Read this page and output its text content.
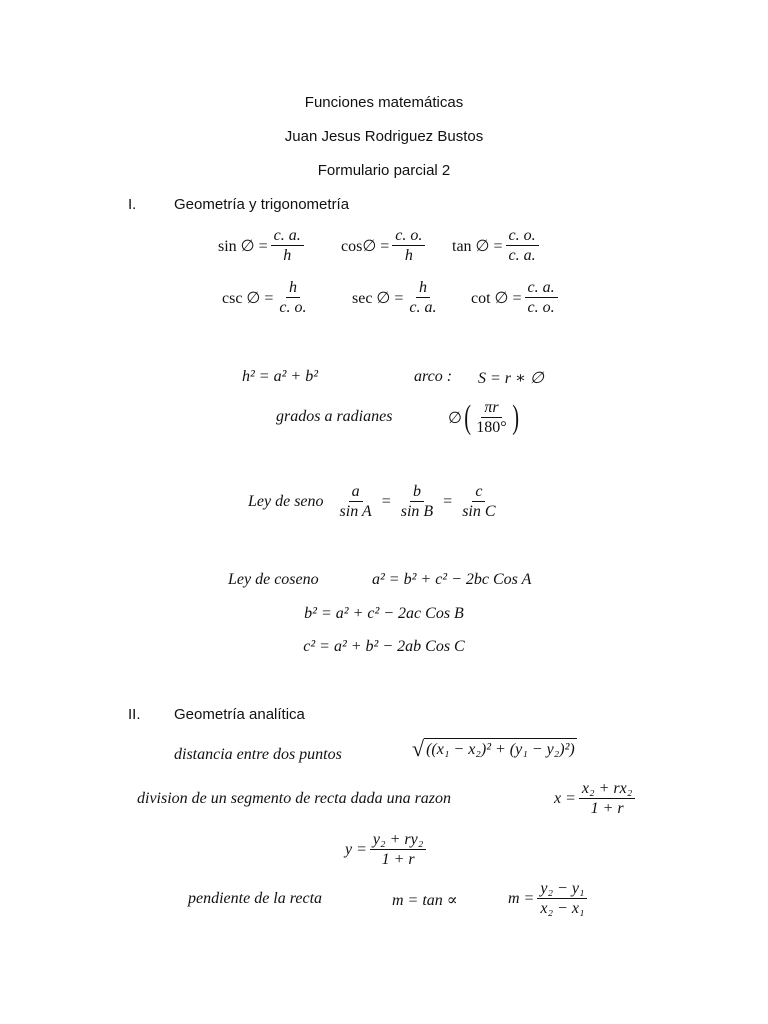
Funciones matemáticas
Juan Jesus Rodriguez Bustos
Formulario parcial 2
I.	Geometría y trigonometría
sin ∅ = $\frac{c. a.}{h}$ cos∅ = $\frac{c. o.}{h}$ tan ∅ = $\frac{c. o.}{c. a.}$
csc ∅ = $\frac{h}{c. o.}$	sec ∅ = $\frac{h}{c. a.}$ cot ∅ = $\frac{c. a.}{c. o.}$
h² = a² + b²	arco : S = r ∗ ∅
grados a radianes	∅ ( $\frac{\pi r}{180^\circ}$ )
Ley de seno $\frac{a}{\text{sin A}} = \frac{b}{\text{sin B}} = \frac{c}{\text{sin C}}$
Ley de coseno	a² = b² + c² − 2bc Cos A
b² = a² + c² − 2ac Cos B
c² = a² + b² − 2ab Cos C
II. Geometría analítica
distancia entre dos puntos	√ ((x₁ − x₂)² + (y₁ − y₂)²)
division de un segmento de recta dada una razon	$x = \frac{\text{x₂ + rx₂}}{1 + r}$
$y = \frac{\text{y₂ + ry₂}}{1 + r}$
pendiente de la recta	m = tan ∝	$m = \frac{\text{y₂ − y₁}}{\text{x₂ − x₁}}$
